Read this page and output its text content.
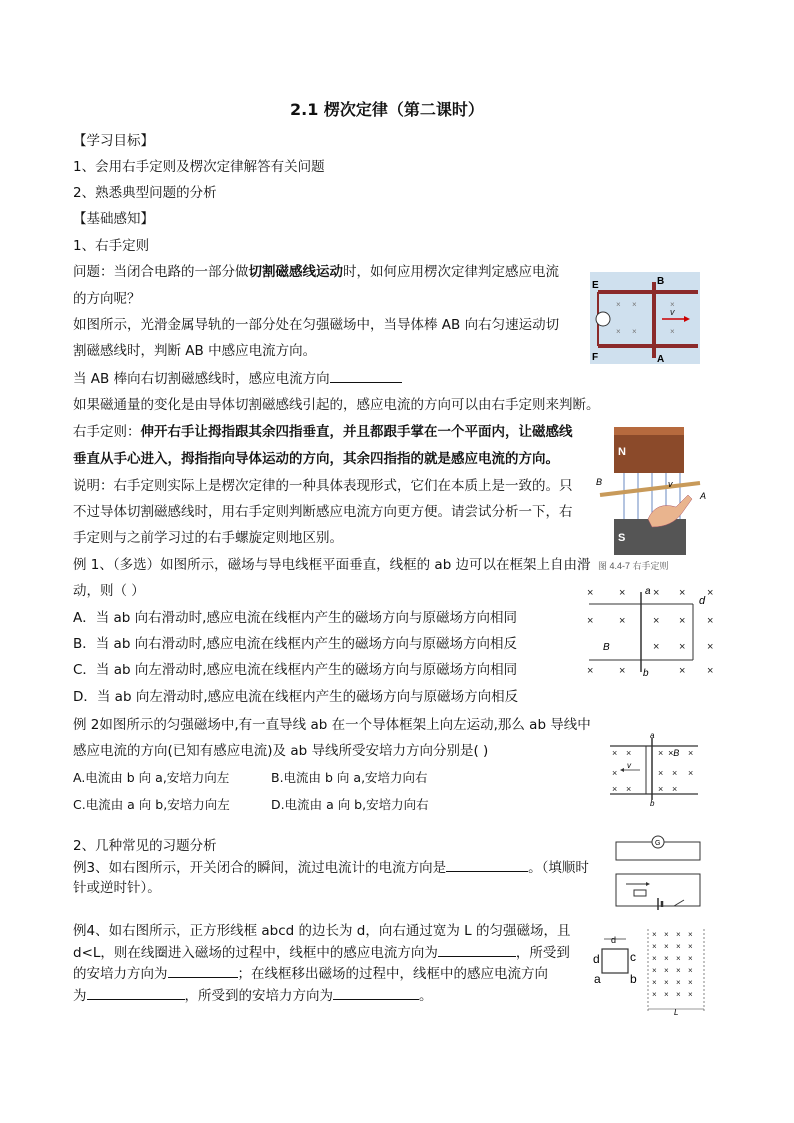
2.1 楞次定律（第二课时）
【学习目标】
1、会用右手定则及楞次定律解答有关问题
2、熟悉典型问题的分析
【基础感知】
1、右手定则
问题：当闭合电路的一部分做切割磁感线运动时，如何应用楞次定律判定感应电流
的方向呢？
如图所示，光滑金属导轨的一部分处在匀强磁场中，当导体棒 AB 向右匀速运动切
割磁感线时，判断 AB 中感应电流方向。
当 AB 棒向右切割磁感线时，感应电流方向
如果磁通量的变化是由导体切割磁感线引起的，感应电流的方向可以由右手定则来判断。
右手定则：伸开右手让拇指跟其余四指垂直，并且都跟手掌在一个平面内，让磁感线
垂直从手心进入，拇指指向导体运动的方向，其余四指指的就是感应电流的方向。
说明：右手定则实际上是楞次定律的一种具体表现形式，它们在本质上是一致的。只
不过导体切割磁感线时，用右手定则判断感应电流方向更方便。请尝试分析一下，右
手定则与之前学习过的右手螺旋定则地区别。
例 1、（多选）如图所示，磁场与导电线框平面垂直，线框的 ab 边可以在框架上自由滑
动，则（ ）
A．当 ab 向右滑动时,感应电流在线框内产生的磁场方向与原磁场方向相同
B．当 ab 向右滑动时,感应电流在线框内产生的磁场方向与原磁场方向相反
C．当 ab 向左滑动时,感应电流在线框内产生的磁场方向与原磁场方向相同
D．当 ab 向左滑动时,感应电流在线框内产生的磁场方向与原磁场方向相反
例 2如图所示的匀强磁场中,有一直导线 ab 在一个导体框架上向左运动,那么 ab 导线中
感应电流的方向(已知有感应电流)及 ab 导线所受安培力方向分别是( )
A.电流由 b 向 a,安培力向左	B.电流由 b 向 a,安培力向右
C.电流由 a 向 b,安培力向左	D.电流由 a 向 b,安培力向右
2、几种常见的习题分析
例3、如右图所示，开关闭合的瞬间，流过电流计的电流方向是	。（填顺时
针或逆时针）。
例4、如右图所示，正方形线框 abcd 的边长为 d，向右通过宽为 L 的匀强磁场，且
d<L，则在线圈进入磁场的过程中，线框中的感应电流方向为	，所受到
的安培力方向为	；在线框移出磁场的过程中，线框中的感应电流方向
为	，所受到的安培力方向为	。
v
E
F
B
A
× ×	×
× ×	×
N
S
v
A
B
图 4.4-7 右手定则
× ×	× × ×
× ×	× × ×
× × ×
× ×	× ×
a
b
d
B
× ×	×	×
×	× × ×
× ×	× ×
×B
v
a
b
G
d
d	c
a b
× × × ×
× × × ×
× × × ×
× × × ×
× × × ×
× × × ×
L
